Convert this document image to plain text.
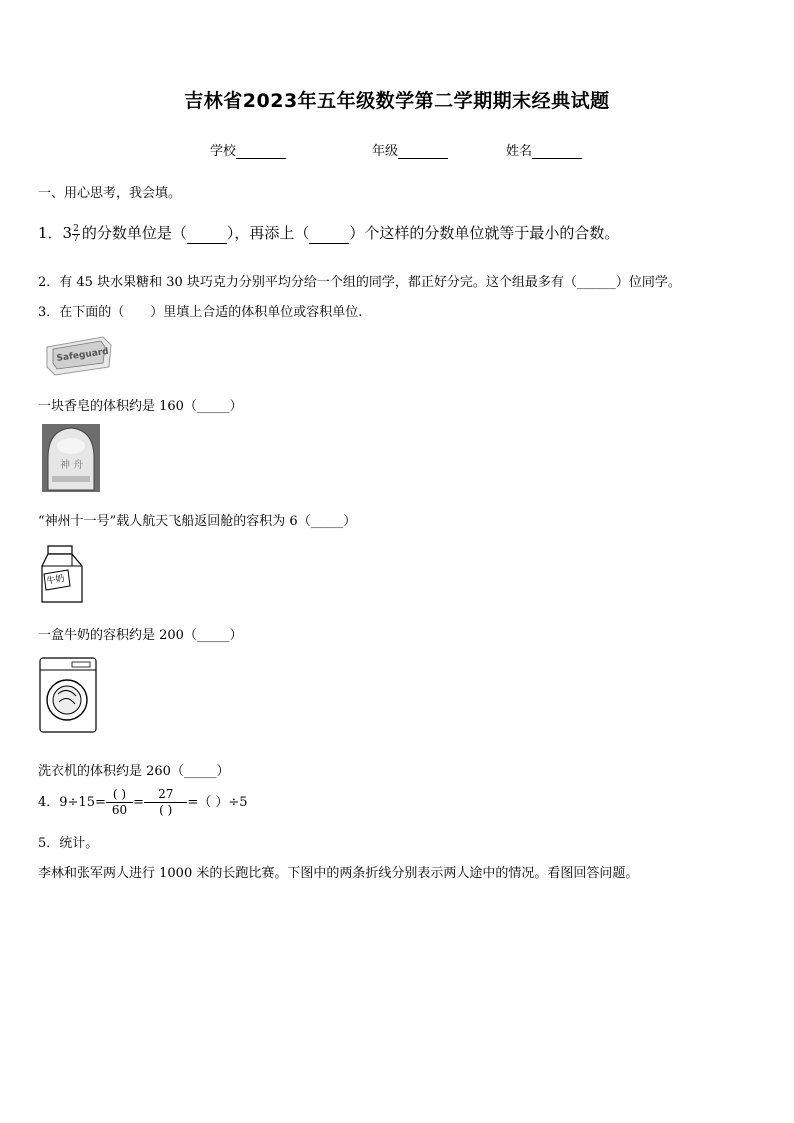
吉林省2023年五年级数学第二学期期末经典试题
学校	年级	姓名
一、用心思考，我会填。
1．$3 \frac{2}{7}$ 的分数单位是（	），再添上（	）个这样的分数单位就等于最小的合数。
2．有 45 块水果糖和 30 块巧克力分别平均分给一个组的同学，都正好分完。这个组最多有（______）位同学。
3．在下面的（　　）里填上合适的体积单位或容积单位.
Safeguard
一块香皂的体积约是 160（_____）
神 舟
“神州十一号”载人航天飞船返回舱的容积为 6（_____）
牛奶
一盒牛奶的容积约是 200（_____）
洗衣机的体积约是 260（_____）
4．$9\div 15= \frac{( )}{60} = \frac{27}{( )}$ =（ ）÷5
5．统计。
李林和张军两人进行 1000 米的长跑比赛。下图中的两条折线分别表示两人途中的情况。看图回答问题。
